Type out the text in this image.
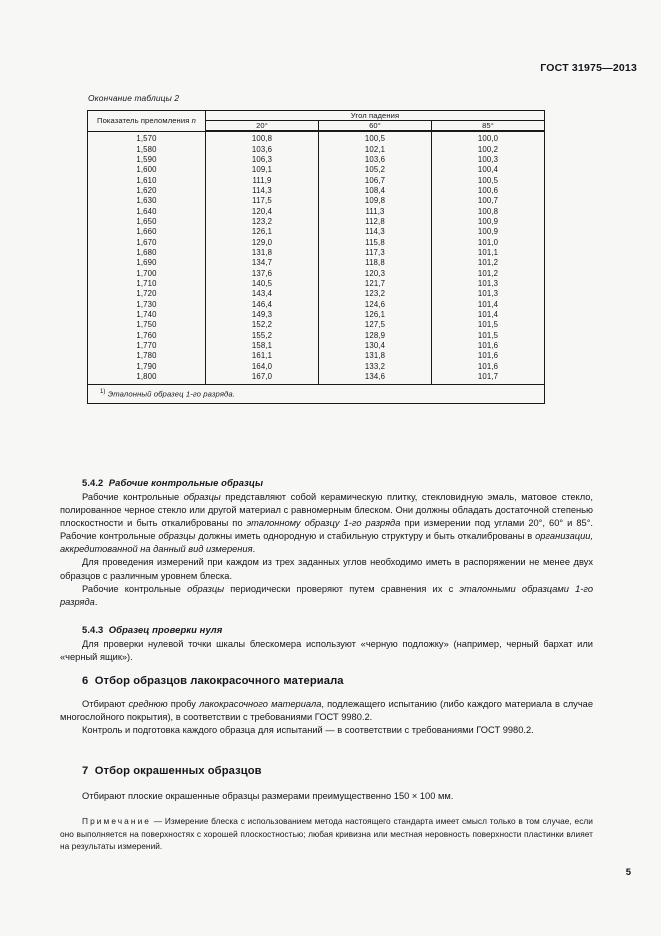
ГОСТ 31975—2013
Окончание таблицы 2
Показатель преломления n	Угол падения		
	20°	60°	85°
1,570	100,8	100,5	100,0
1,580	103,6	102,1	100,2
1,590	106,3	103,6	100,3
1,600	109,1	105,2	100,4
1,610	111,9	106,7	100,5
1,620	114,3	108,4	100,6
1,630	117,5	109,8	100,7
1,640	120,4	111,3	100,8
1,650	123,2	112,8	100,9
1,660	126,1	114,3	100,9
1,670	129,0	115,8	101,0
1,680	131,8	117,3	101,1
1,690	134,7	118,8	101,2
1,700	137,6	120,3	101,2
1,710	140,5	121,7	101,3
1,720	143,4	123,2	101,3
1,730	146,4	124,6	101,4
1,740	149,3	126,1	101,4
1,750	152,2	127,5	101,5
1,760	155,2	128,9	101,5
1,770	158,1	130,4	101,6
1,780	161,1	131,8	101,6
1,790	164,0	133,2	101,6
1,800	167,0	134,6	101,7
$^{1)}$ Эталонный образец 1-го разряда.			
5.4.2 Рабочие контрольные образцы

Рабочие контрольные образцы представляют собой керамическую плитку, стекловидную эмаль, матовое стекло, полированное черное стекло или другой материал с равномерным блеском. Они должны обладать достаточной степенью плоскостности и быть откалиброваны по эталонному образцу 1-го разряда при измерении под углами 20°, 60° и 85°. Рабочие контрольные образцы должны иметь однородную и стабильную структуру и быть откалиброваны в организации, аккредитованной на данный вид измерения.

Для проведения измерений при каждом из трех заданных углов необходимо иметь в распоряжении не менее двух образцов с различным уровнем блеска.

Рабочие контрольные образцы периодически проверяют путем сравнения их с эталонными образцами 1-го разряда.

5.4.3 Образец проверки нуля

Для проверки нулевой точки шкалы блескомера используют «черную подложку» (например, черный бархат или «черный ящик»).

6 Отбор образцов лакокрасочного материала

Отбирают среднюю пробу лакокрасочного материала, подлежащего испытанию (либо каждого материала в случае многослойного покрытия), в соответствии с требованиями ГОСТ 9980.2.

Контроль и подготовка каждого образца для испытаний — в соответствии с требованиями ГОСТ 9980.2.

7 Отбор окрашенных образцов

Отбирают плоские окрашенные образцы размерами преимущественно 150 × 100 мм.

Примечание — Измерение блеска с использованием метода настоящего стандарта имеет смысл только в том случае, если оно выполняется на поверхностях с хорошей плоскостностью; любая кривизна или местная неровность поверхности пластинки влияет на результаты измерений.

5
